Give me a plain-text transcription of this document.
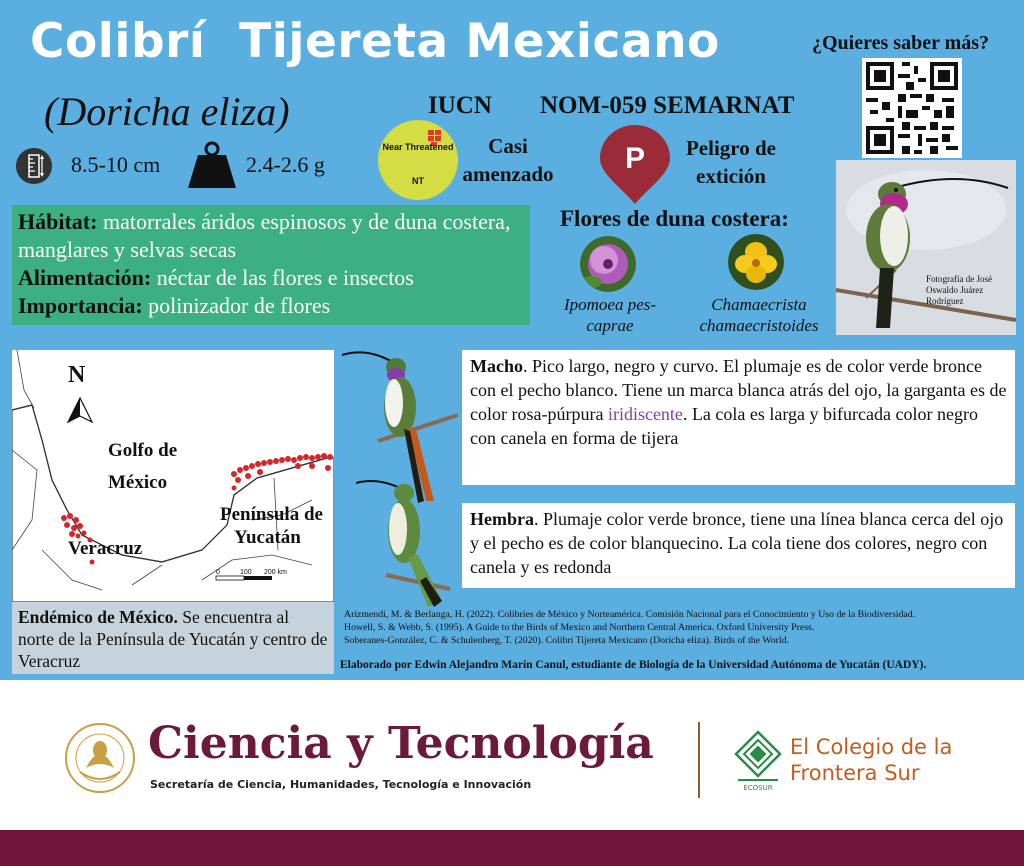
Colibrí  Tijereta Mexicano
(Doricha eliza)
8.5-10 cm	2.4-2.6 g
IUCN NOM-059 SEMARNAT
Near Threatened
NT
Casi amenzado P	Peligro de extición
¿Quieres saber más?
Hábitat: matorrales áridos espinosos y de duna costera, manglares y selvas secas
Alimentación: néctar de las flores e insectos
Importancia: polinizador de flores
Flores de duna costera:
Ipomoea pes-caprae
Chamaecrista chamaecristoides
Fotografía de José Oswaldo Juárez Rodríguez
N
Golfo de
México
Península de
Yucatán
Veracruz
0	100 200 km
Endémico de México. Se encuentra al norte de la Península de Yucatán y centro de Veracruz
Macho. Pico largo, negro y curvo. El plumaje es de color verde bronce con el pecho blanco. Tiene un marca blanca atrás del ojo, la garganta es de color rosa-púrpura iridiscente. La cola es larga y bifurcada color negro con canela en forma de tijera
Hembra. Plumaje color verde bronce, tiene una línea blanca cerca del ojo y el pecho es de color blanquecino. La cola tiene dos colores, negro con canela y es redonda
Arizmendi, M. & Berlanga, H. (2022). Colibríes de México y Norteamérica. Comisión Nacional para el Conocimiento y Uso de la Biodiversidad.
Howell, S. & Webb, S. (1995). A Guide to the Birds of Mexico and Northern Central America. Oxford University Press.
Soberanes-González, C. & Schulenberg, T. (2020). Colibrí Tijereta Mexicano (Doricha eliza). Birds of the World.
Elaborado por Edwin Alejandro Marín Canul, estudiante de Biología de la Universidad Autónoma de Yucatán (UADY).
Ciencia y Tecnología
Secretaría de Ciencia, Humanidades, Tecnología e Innovación	ECOSUR
El Colegio de la
Frontera Sur
